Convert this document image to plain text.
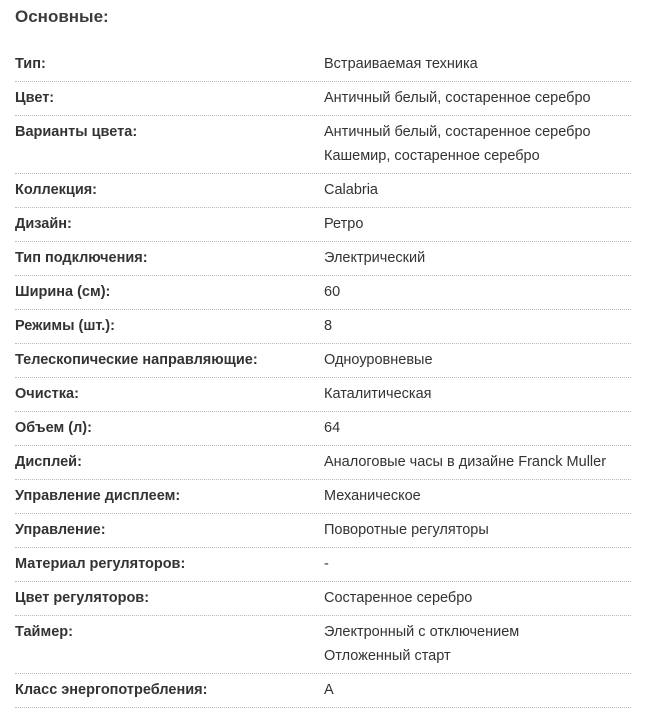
Основные:
Тип:	Встраиваемая техника
Цвет:	Античный белый, состаренное серебро
Варианты цвета:	Античный белый, состаренное серебро
Кашемир, состаренное серебро
Коллекция:	Calabria
Дизайн:	Ретро
Тип подключения:	Электрический
Ширина (см):	60
Режимы (шт.):	8
Телескопические направляющие:	Одноуровневые
Очистка:	Каталитическая
Объем (л):	64
Дисплей:	Аналоговые часы в дизайне Franck Muller
Управление дисплеем:	Механическое
Управление:	Поворотные регуляторы
Материал регуляторов:	-
Цвет регуляторов:	Состаренное серебро
Таймер:	Электронный с отключением
Отложенный старт
Класс энергопотребления:	A
